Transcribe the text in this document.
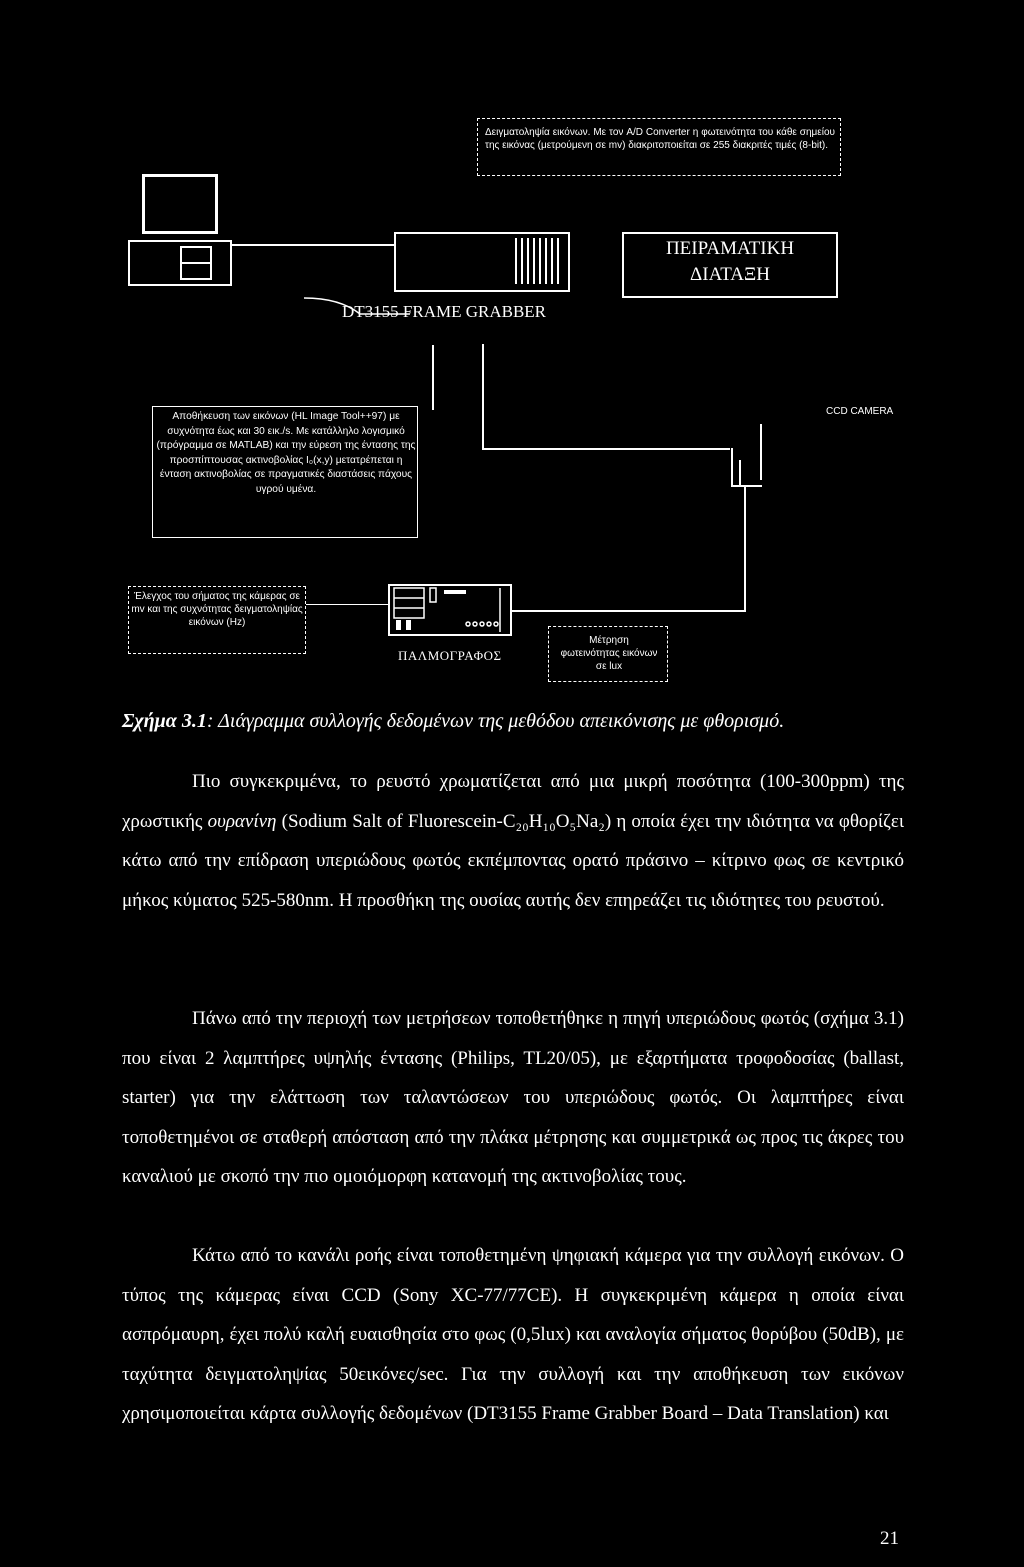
Δειγματοληψία εικόνων. Με τον A/D Converter η φωτεινότητα του κάθε σημείου της εικόνας (μετρούμενη σε mv) διακριτοποιείται σε 255 διακριτές τιμές (8-bit).
DT3155 FRAME GRABBER
ΠΕΙΡΑΜΑΤΙΚΗ
ΔΙΑΤΑΞΗ
Αποθήκευση των εικόνων (HL Image Tool++97) με συχνότητα έως και 30 εικ./s. Με κατάλληλο λογισμικό (πρόγραμμα σε MATLAB) και την εύρεση της έντασης της προσπίπτουσας ακτινοβολίας I₀(x,y) μετατρέπεται η ένταση ακτινοβολίας σε πραγματικές διαστάσεις πάχους υγρού υμένα.
CCD CAMERA
Έλεγχος του σήματος της κάμερας σε mv και της συχνότητας δειγματοληψίας εικόνων (Hz)
ΠΑΛΜΟΓΡΑΦΟΣ
Μέτρηση φωτεινότητας εικόνων σε lux
Σχήμα 3.1: Διάγραμμα συλλογής δεδομένων της μεθόδου απεικόνισης με φθορισμό.
Πιο συγκεκριμένα, το ρευστό χρωματίζεται από μια μικρή ποσότητα (100-300ppm) της χρωστικής ουρανίνη (Sodium Salt of Fluorescein-C₂₀H₁₀O₅Na₂) η οποία έχει την ιδιότητα να φθορίζει κάτω από την επίδραση υπεριώδους φωτός εκπέμποντας ορατό πράσινο – κίτρινο φως σε κεντρικό μήκος κύματος 525-580nm. Η προσθήκη της ουσίας αυτής δεν επηρεάζει τις ιδιότητες του ρευστού.
Πάνω από την περιοχή των μετρήσεων τοποθετήθηκε η πηγή υπεριώδους φωτός (σχήμα 3.1) που είναι 2 λαμπτήρες υψηλής έντασης (Philips, TL20/05), με εξαρτήματα τροφοδοσίας (ballast, starter) για την ελάττωση των ταλαντώσεων του υπεριώδους φωτός. Οι λαμπτήρες είναι τοποθετημένοι σε σταθερή απόσταση από την πλάκα μέτρησης και συμμετρικά ως προς τις άκρες του καναλιού με σκοπό την πιο ομοιόμορφη κατανομή της ακτινοβολίας τους.
Κάτω από το κανάλι ροής είναι τοποθετημένη ψηφιακή κάμερα για την συλλογή εικόνων. Ο τύπος της κάμερας είναι CCD (Sony XC-77/77CE). Η συγκεκριμένη κάμερα η οποία είναι ασπρόμαυρη, έχει πολύ καλή ευαισθησία στο φως (0,5lux) και αναλογία σήματος θορύβου (50dB), με ταχύτητα δειγματοληψίας 50εικόνες/sec. Για την συλλογή και την αποθήκευση των εικόνων χρησιμοποιείται κάρτα συλλογής δεδομένων (DT3155 Frame Grabber Board – Data Translation) και
21
